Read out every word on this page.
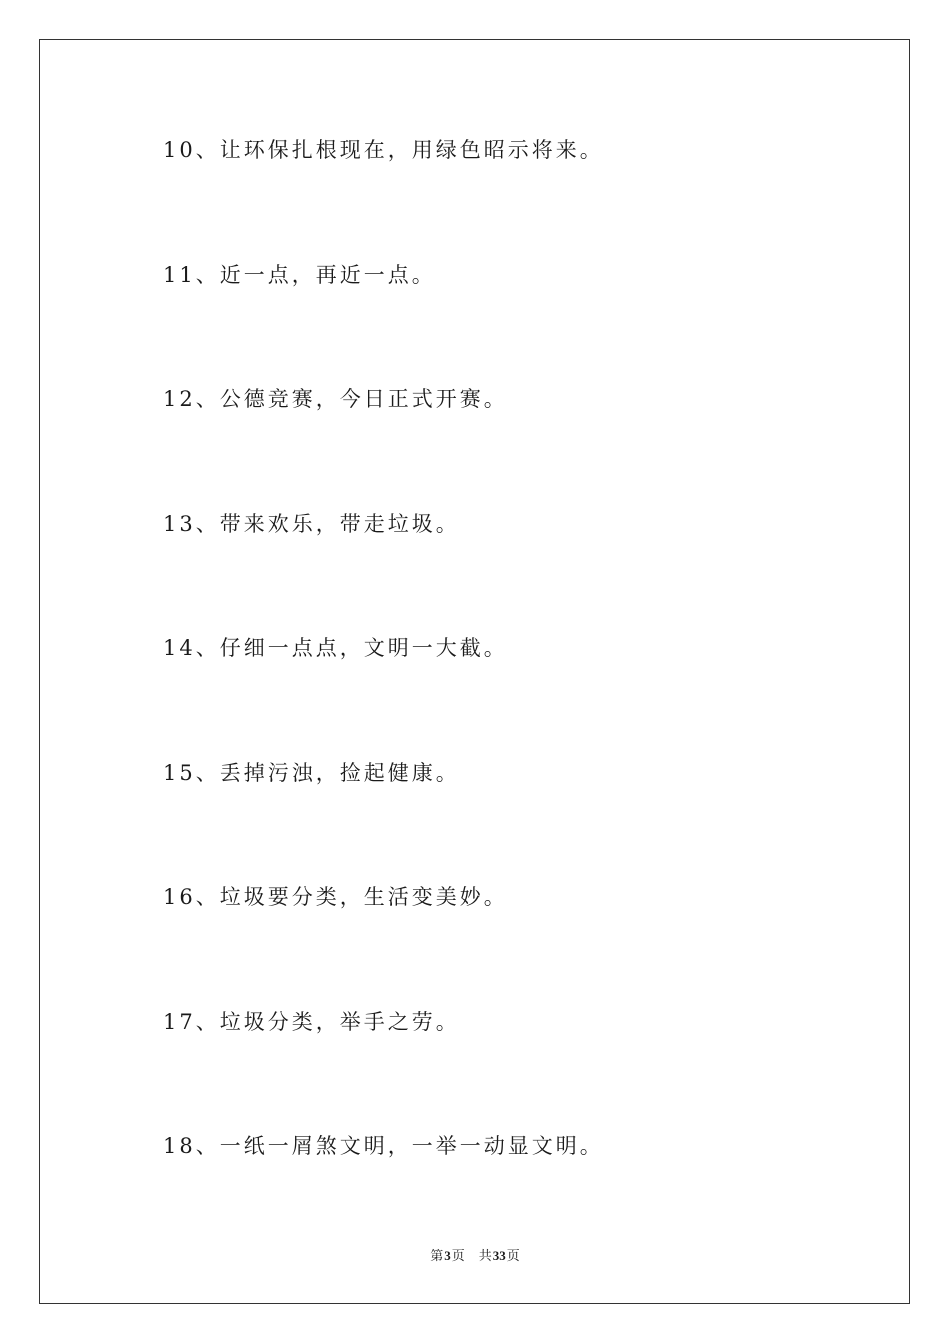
10、让环保扎根现在，用绿色昭示将来。
11、近一点，再近一点。
12、公德竞赛，今日正式开赛。
13、带来欢乐，带走垃圾。
14、仔细一点点，文明一大截。
15、丢掉污浊，捡起健康。
16、垃圾要分类，生活变美妙。
17、垃圾分类，举手之劳。
18、一纸一屑煞文明，一举一动显文明。
第3页 共33页
